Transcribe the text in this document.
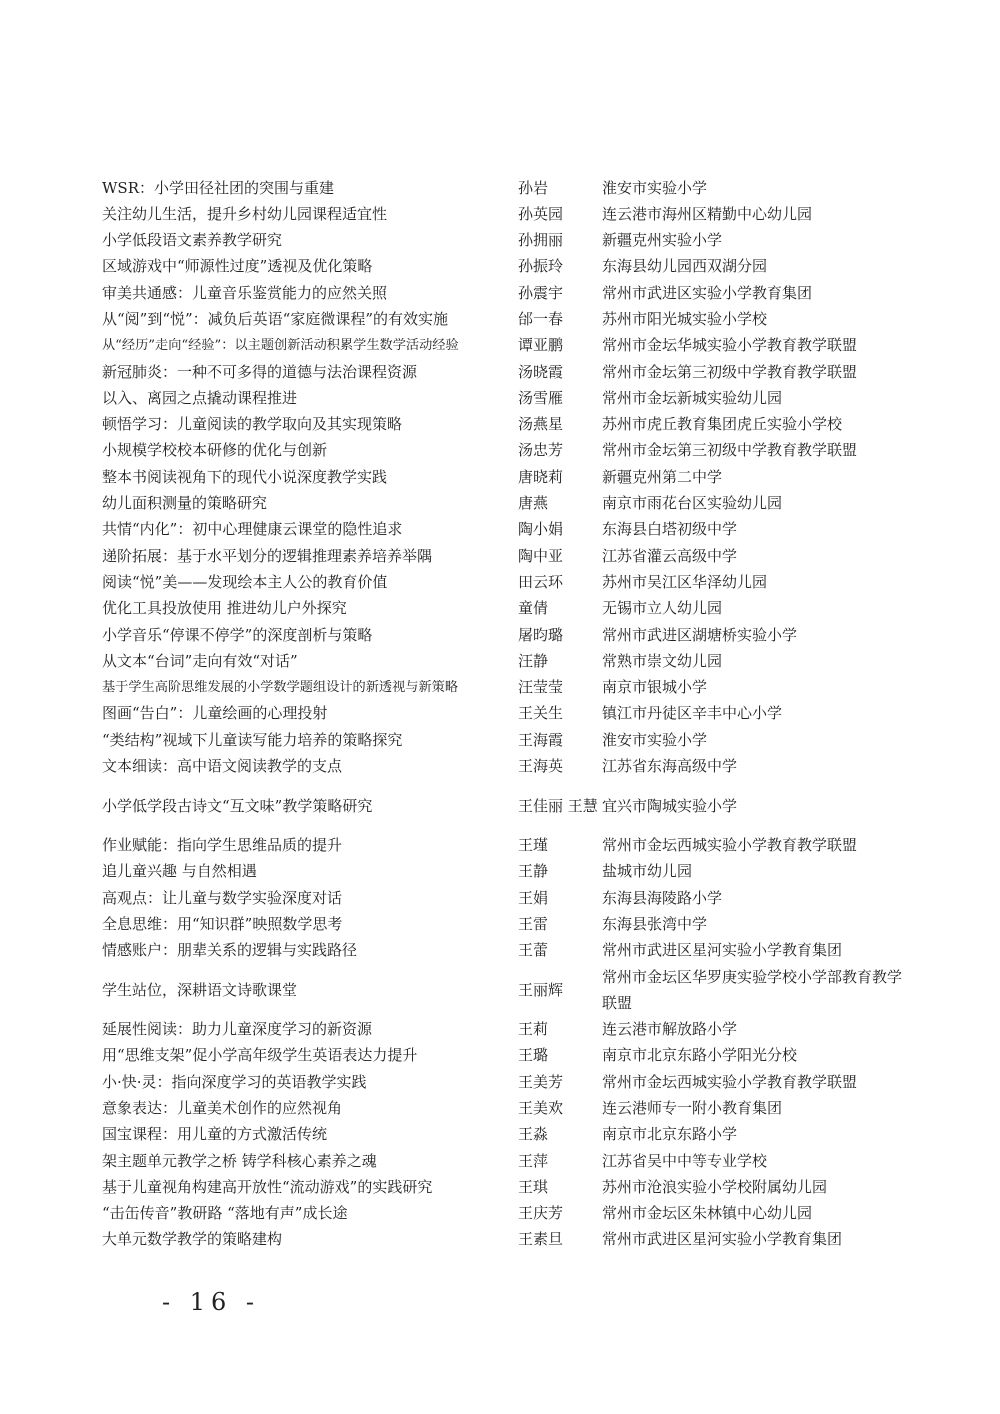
WSR：小学田径社团的突围与重建	孙岩	淮安市实验小学
关注幼儿生活，提升乡村幼儿园课程适宜性	孙英园	连云港市海州区精勤中心幼儿园
小学低段语文素养教学研究	孙拥丽	新疆克州实验小学
区域游戏中“师源性过度”透视及优化策略	孙振玲	东海县幼儿园西双湖分园
审美共通感：儿童音乐鉴赏能力的应然关照	孙震宇	常州市武进区实验小学教育集团
从“阅”到“悦”：减负后英语“家庭微课程”的有效实施	邰一春	苏州市阳光城实验小学校
从“经历”走向“经验”：以主题创新活动积累学生数学活动经验	谭亚鹏	常州市金坛华城实验小学教育教学联盟
新冠肺炎：一种不可多得的道德与法治课程资源	汤晓霞	常州市金坛第三初级中学教育教学联盟
以入、离园之点撬动课程推进	汤雪雁	常州市金坛新城实验幼儿园
顿悟学习：儿童阅读的教学取向及其实现策略	汤燕星	苏州市虎丘教育集团虎丘实验小学校
小规模学校校本研修的优化与创新	汤忠芳	常州市金坛第三初级中学教育教学联盟
整本书阅读视角下的现代小说深度教学实践	唐晓莉	新疆克州第二中学
幼儿面积测量的策略研究	唐燕	南京市雨花台区实验幼儿园
共情“内化”：初中心理健康云课堂的隐性追求	陶小娟	东海县白塔初级中学
递阶拓展：基于水平划分的逻辑推理素养培养举隅	陶中亚	江苏省灌云高级中学
阅读“悦”美——发现绘本主人公的教育价值	田云环	苏州市吴江区华泽幼儿园
优化工具投放使用 推进幼儿户外探究	童倩	无锡市立人幼儿园
小学音乐“停课不停学”的深度剖析与策略	屠昀璐	常州市武进区湖塘桥实验小学
从文本“台词”走向有效“对话”	汪静	常熟市崇文幼儿园
基于学生高阶思维发展的小学数学题组设计的新透视与新策略	汪莹莹	南京市银城小学
图画“告白”：儿童绘画的心理投射	王关生	镇江市丹徒区辛丰中心小学
“类结构”视域下儿童读写能力培养的策略探究	王海霞	淮安市实验小学
文本细读：高中语文阅读教学的支点	王海英	江苏省东海高级中学
小学低学段古诗文“互文味”教学策略研究	王佳丽 王慧 宜兴市陶城实验小学
作业赋能：指向学生思维品质的提升	王瑾	常州市金坛西城实验小学教育教学联盟
追儿童兴趣 与自然相遇	王静	盐城市幼儿园
高观点：让儿童与数学实验深度对话	王娟	东海县海陵路小学
全息思维：用“知识群”映照数学思考	王雷	东海县张湾中学
情感账户：朋辈关系的逻辑与实践路径	王蕾	常州市武进区星河实验小学教育集团
学生站位，深耕语文诗歌课堂	王丽辉
常州市金坛区华罗庚实验学校小学部教育教学联盟
延展性阅读：助力儿童深度学习的新资源	王莉	连云港市解放路小学
用“思维支架”促小学高年级学生英语表达力提升	王璐	南京市北京东路小学阳光分校
小·快·灵：指向深度学习的英语教学实践	王美芳	常州市金坛西城实验小学教育教学联盟
意象表达：儿童美术创作的应然视角	王美欢	连云港师专一附小教育集团
国宝课程：用儿童的方式激活传统	王淼	南京市北京东路小学
架主题单元教学之桥 铸学科核心素养之魂	王萍	江苏省吴中中等专业学校
基于儿童视角构建高开放性“流动游戏”的实践研究	王琪	苏州市沧浪实验小学校附属幼儿园
“击缶传音”教研路 “落地有声”成长途	王庆芳	常州市金坛区朱林镇中心幼儿园
大单元数学教学的策略建构	王素旦	常州市武进区星河实验小学教育集团
- 16 -
